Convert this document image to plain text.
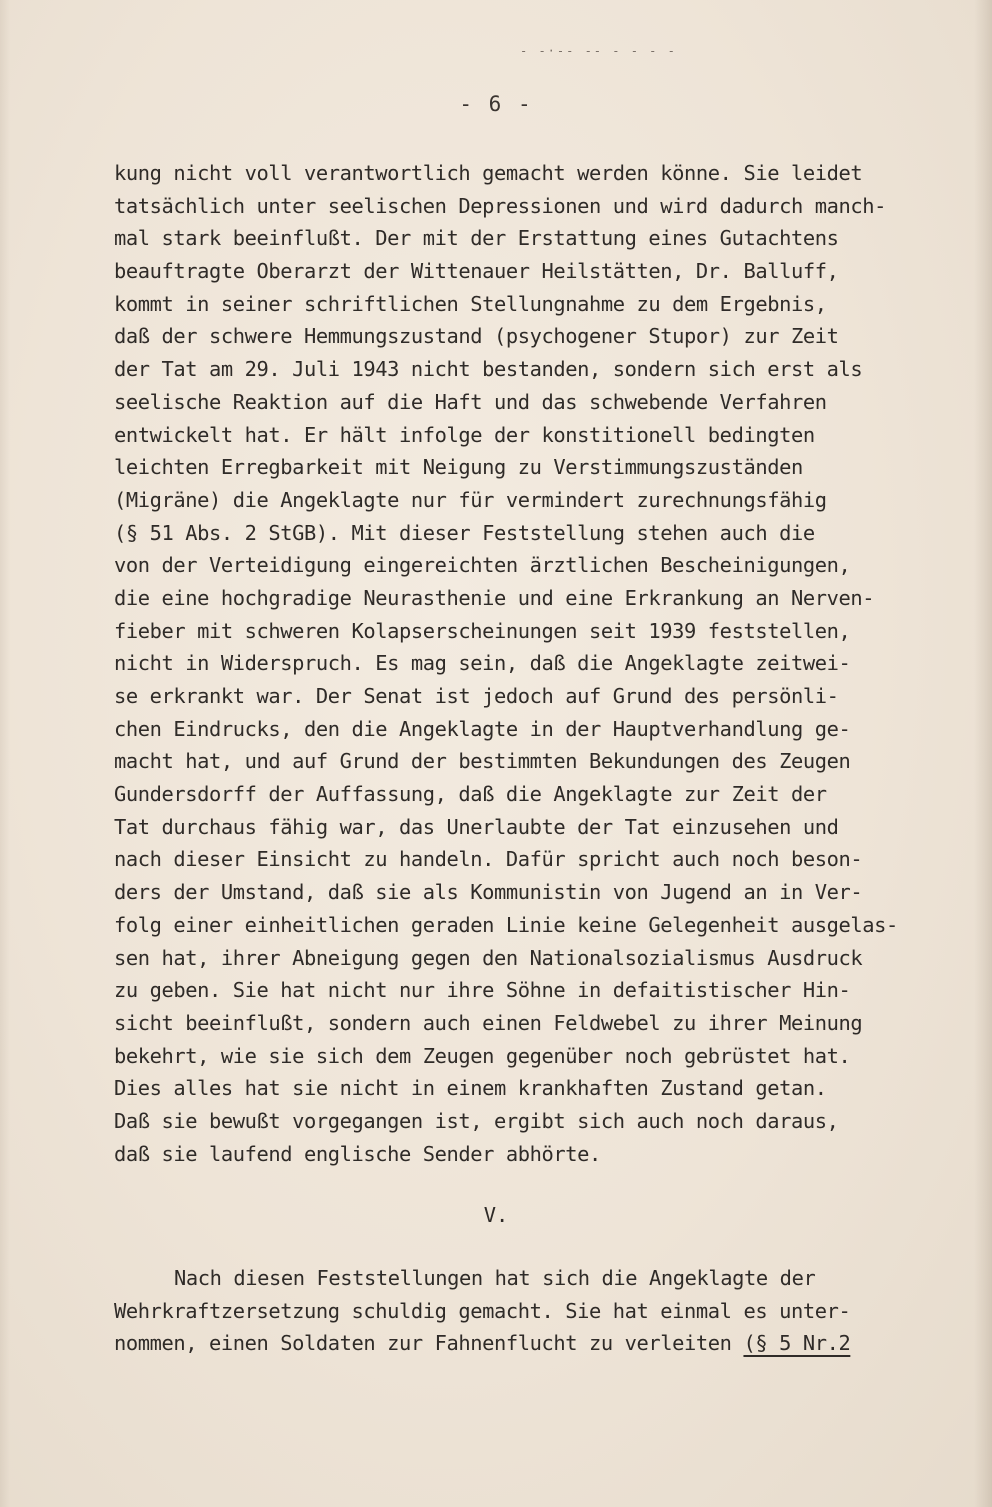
- -·-- -- - - - -
- 6 -
kung nicht voll verantwortlich gemacht werden könne. Sie leidet
tatsächlich unter seelischen Depressionen und wird dadurch manch-
mal stark beeinflußt. Der mit der Erstattung eines Gutachtens
beauftragte Oberarzt der Wittenauer Heilstätten, Dr. Balluff,
kommt in seiner schriftlichen Stellungnahme zu dem Ergebnis,
daß der schwere Hemmungszustand (psychogener Stupor) zur Zeit
der Tat am 29. Juli 1943 nicht bestanden, sondern sich erst als
seelische Reaktion auf die Haft und das schwebende Verfahren
entwickelt hat. Er hält infolge der konstitionell bedingten
leichten Erregbarkeit mit Neigung zu Verstimmungszuständen
(Migräne) die Angeklagte nur für vermindert zurechnungsfähig
(§ 51 Abs. 2 StGB). Mit dieser Feststellung stehen auch die
von der Verteidigung eingereichten ärztlichen Bescheinigungen,
die eine hochgradige Neurasthenie und eine Erkrankung an Nerven-
fieber mit schweren Kolapserscheinungen seit 1939 feststellen,
nicht in Widerspruch. Es mag sein, daß die Angeklagte zeitwei-
se erkrankt war. Der Senat ist jedoch auf Grund des persönli-
chen Eindrucks, den die Angeklagte in der Hauptverhandlung ge-
macht hat, und auf Grund der bestimmten Bekundungen des Zeugen
Gundersdorff der Auffassung, daß die Angeklagte zur Zeit der
Tat durchaus fähig war, das Unerlaubte der Tat einzusehen und
nach dieser Einsicht zu handeln. Dafür spricht auch noch beson-
ders der Umstand, daß sie als Kommunistin von Jugend an in Ver-
folg einer einheitlichen geraden Linie keine Gelegenheit ausgelas-
sen hat, ihrer Abneigung gegen den Nationalsozialismus Ausdruck
zu geben. Sie hat nicht nur ihre Söhne in defaitistischer Hin-
sicht beeinflußt, sondern auch einen Feldwebel zu ihrer Meinung
bekehrt, wie sie sich dem Zeugen gegenüber noch gebrüstet hat.
Dies alles hat sie nicht in einem krankhaften Zustand getan.
Daß sie bewußt vorgegangen ist, ergibt sich auch noch daraus,
daß sie laufend englische Sender abhörte.
V.
Nach diesen Feststellungen hat sich die Angeklagte der
Wehrkraftzersetzung schuldig gemacht. Sie hat einmal es unter-
nommen, einen Soldaten zur Fahnenflucht zu verleiten (§ 5 Nr.2
